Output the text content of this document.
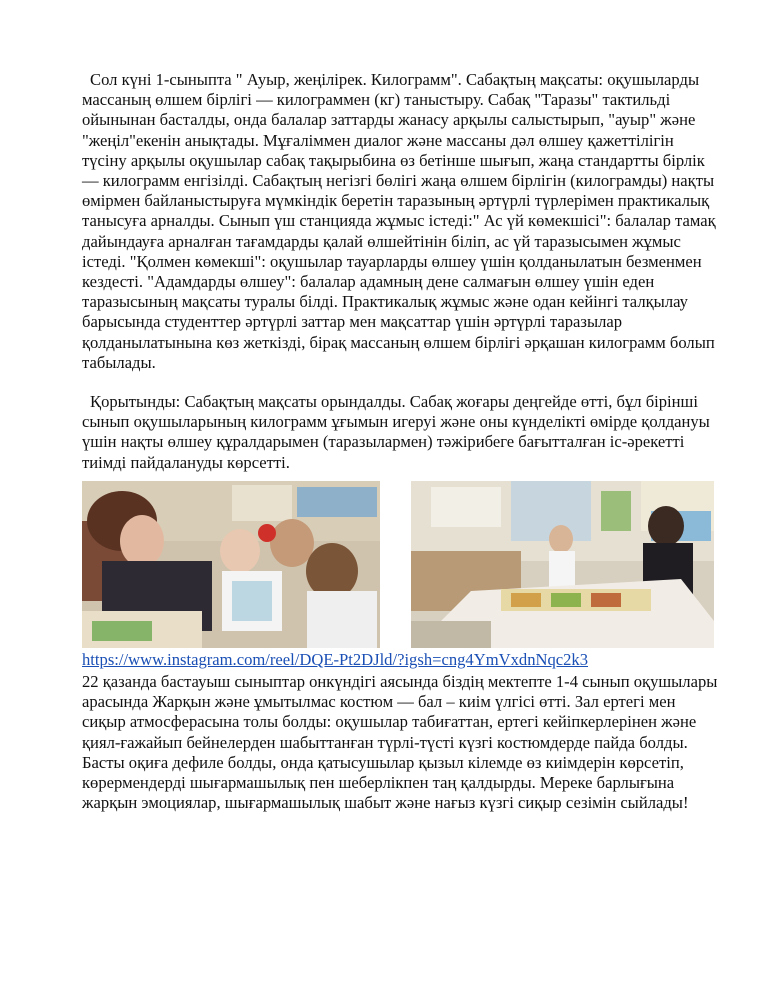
Сол күні 1-сыныпта " Ауыр, жеңілірек. Килограмм". Сабақтың мақсаты: оқушыларды массаның өлшем бірлігі — килограммен (кг) таныстыру. Сабақ "Таразы" тактильді ойынынан басталды, онда балалар заттарды жанасу арқылы салыстырып, "ауыр" және "жеңіл"екенін анықтады. Мұғаліммен диалог және массаны дәл өлшеу қажеттілігін түсіну арқылы оқушылар сабақ тақырыбина өз бетінше шығып, жаңа стандартты бірлік — килограмм енгізілді. Сабақтың негізгі бөлігі жаңа өлшем бірлігін (килограмды) нақты өмірмен байланыстыруға мүмкіндік беретін таразының әртүрлі түрлерімен практикалық танысуға арналды. Сынып үш станцияда жұмыс істеді:" Ас үй көмекшісі": балалар тамақ дайындауға арналған тағамдарды қалай өлшейтінін біліп, ас үй таразысымен жұмыс істеді. "Қолмен көмекші": оқушылар тауарларды өлшеу үшін қолданылатын безменмен кездесті. "Адамдарды өлшеу": балалар адамның дене салмағын өлшеу үшін еден таразысының мақсаты туралы білді. Практикалық жұмыс және одан кейінгі талқылау барысында студенттер әртүрлі заттар мен мақсаттар үшін әртүрлі таразылар қолданылатынына көз жеткізді, бірақ массаның өлшем бірлігі әрқашан килограмм болып табылады.
Қорытынды: Сабақтың мақсаты орындалды. Сабақ жоғары деңгейде өтті, бұл бірінші сынып оқушыларының килограмм ұғымын игеруі және оны күнделікті өмірде қолдануы үшін нақты өлшеу құралдарымен (таразылармен) тәжірибеге бағытталған іс-әрекетті тиімді пайдалануды көрсетті.
https://www.instagram.com/reel/DQE-Pt2DJld/?igsh=cng4YmVxdnNqc2k3
22 қазанда бастауыш сыныптар онкүндігі аясында біздің мектепте 1-4 сынып оқушылары арасында Жарқын және ұмытылмас костюм — бал – киім үлгісі өтті. Зал ертегі мен сиқыр атмосферасына толы болды: оқушылар табиғаттан, ертегі кейіпкерлерінен және қиял-ғажайып бейнелерден шабыттанған түрлі-түсті күзгі костюмдерде пайда болды. Басты оқиға дефиле болды, онда қатысушылар қызыл кілемде өз киімдерін көрсетіп, көрермендерді шығармашылық пен шеберлікпен таң қалдырды. Мереке барлығына жарқын эмоциялар, шығармашылық шабыт және нағыз күзгі сиқыр сезімін сыйлады!
